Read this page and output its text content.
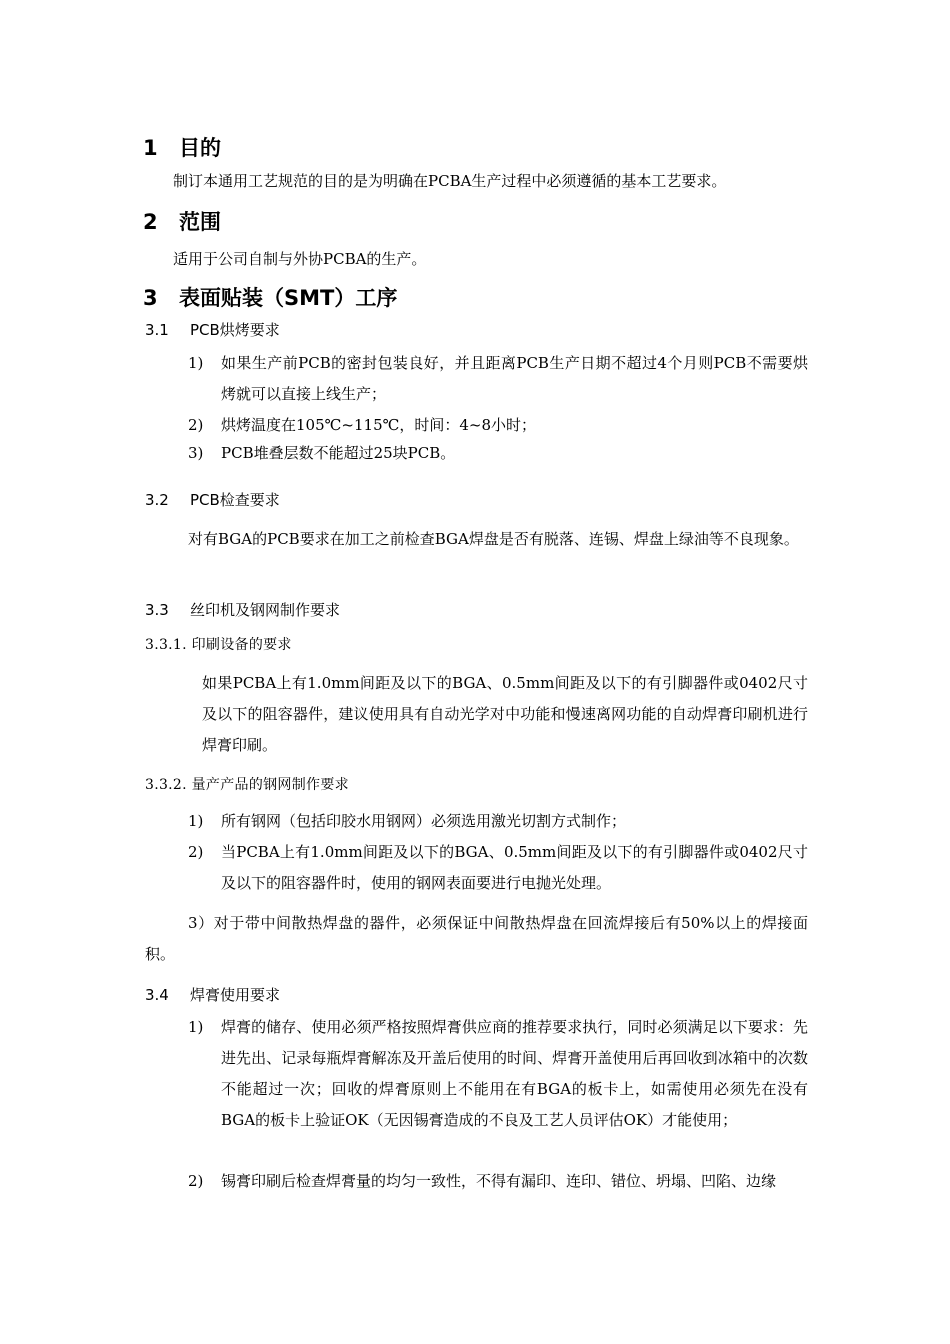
1 目的
制订本通用工艺规范的目的是为明确在PCBA生产过程中必须遵循的基本工艺要求。
2 范围
适用于公司自制与外协PCBA的生产。
3 表面贴装（SMT）工序
3.1 PCB烘烤要求
1) 如果生产前PCB的密封包装良好，并且距离PCB生产日期不超过4个月则PCB不需要烘烤就可以直接上线生产；
2) 烘烤温度在105℃~115℃，时间：4~8小时；
3) PCB堆叠层数不能超过25块PCB。
3.2 PCB检查要求
对有BGA的PCB要求在加工之前检查BGA焊盘是否有脱落、连锡、焊盘上绿油等不良现象。
3.3 丝印机及钢网制作要求
3.3.1. 印刷设备的要求
如果PCBA上有1.0mm间距及以下的BGA、0.5mm间距及以下的有引脚器件或0402尺寸及以下的阻容器件，建议使用具有自动光学对中功能和慢速离网功能的自动焊膏印刷机进行焊膏印刷。
3.3.2. 量产产品的钢网制作要求
1) 所有钢网（包括印胶水用钢网）必须选用激光切割方式制作；
2) 当PCBA上有1.0mm间距及以下的BGA、0.5mm间距及以下的有引脚器件或0402尺寸及以下的阻容器件时，使用的钢网表面要进行电抛光处理。
3）对于带中间散热焊盘的器件，必须保证中间散热焊盘在回流焊接后有50%以上的焊接面积。
3.4 焊膏使用要求
1) 焊膏的储存、使用必须严格按照焊膏供应商的推荐要求执行，同时必须满足以下要求：先进先出、记录每瓶焊膏解冻及开盖后使用的时间、焊膏开盖使用后再回收到冰箱中的次数不能超过一次；回收的焊膏原则上不能用在有BGA的板卡上，如需使用必须先在没有BGA的板卡上验证OK（无因锡膏造成的不良及工艺人员评估OK）才能使用；
2) 锡膏印刷后检查焊膏量的均匀一致性，不得有漏印、连印、错位、坍塌、凹陷、边缘
